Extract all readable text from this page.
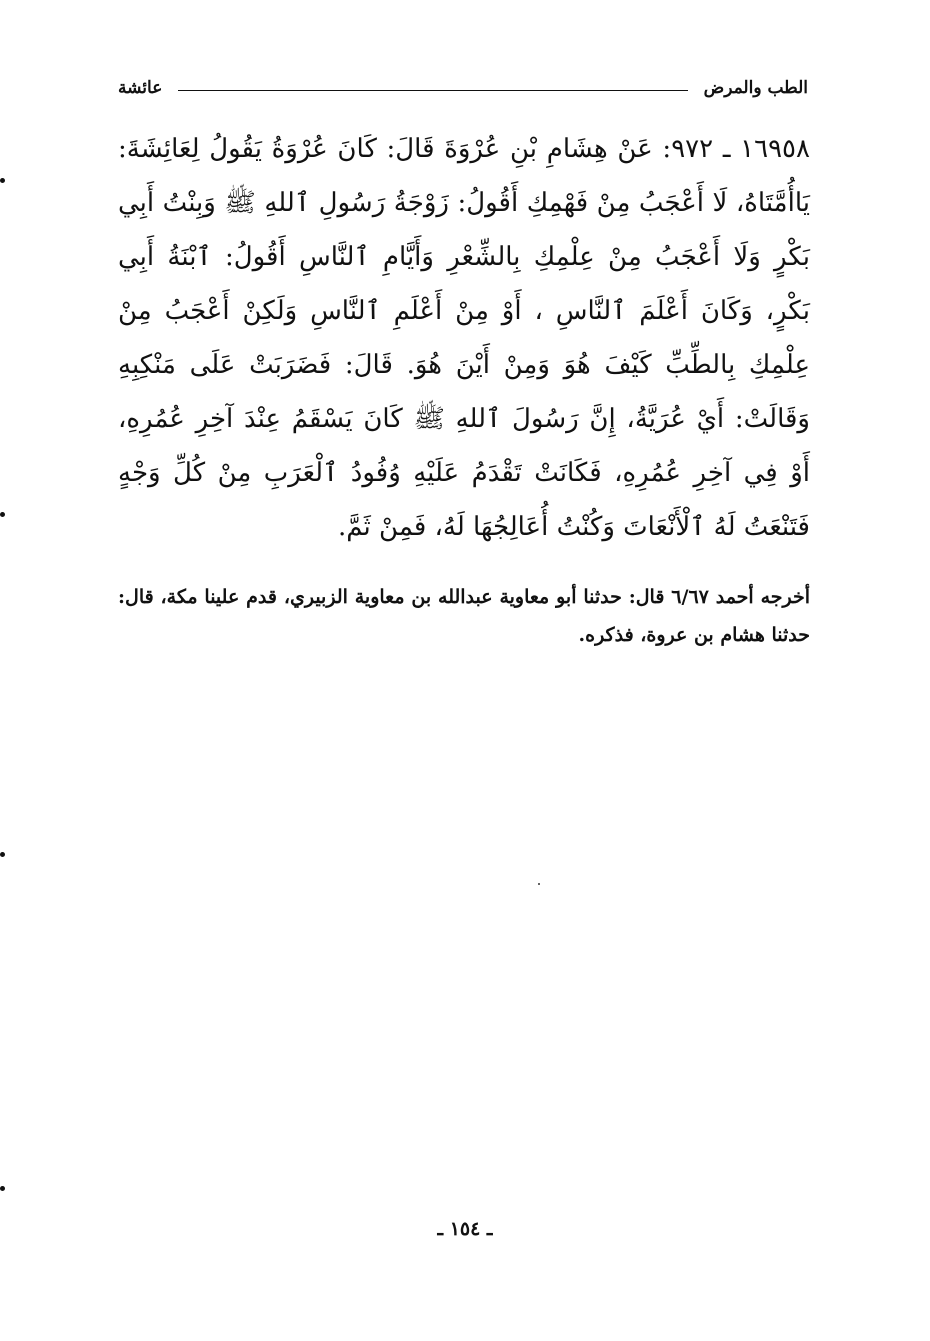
الطب والمرض
عائشة

١٦٩٥٨ ـ ٩٧٢: عَنْ هِشَامِ بْنِ عُرْوَةَ قَالَ: كَانَ عُرْوَةُ يَقُولُ لِعَائِشَةَ: يَاأُمَّتَاهُ، لَا أَعْجَبُ مِنْ فَهْمِكِ أَقُولُ: زَوْجَةُ رَسُولِ ٱللهِ ﷺ وَبِنْتُ أَبِي بَكْرٍ وَلَا أَعْجَبُ مِنْ عِلْمِكِ بِالشِّعْرِ وَأَيَّامِ ٱلنَّاسِ أَقُولُ: ٱبْنَةُ أَبِي بَكْرٍ، وَكَانَ أَعْلَمَ ٱلنَّاسِ ، أَوْ مِنْ أَعْلَمِ ٱلنَّاسِ وَلَكِنْ أَعْجَبُ مِنْ عِلْمِكِ بِالطِّبِّ كَيْفَ هُوَ وَمِنْ أَيْنَ هُوَ. قَالَ: فَضَرَبَتْ عَلَى مَنْكِبِهِ وَقَالَتْ: أَيْ عُرَيَّةُ، إِنَّ رَسُولَ ٱللهِ ﷺ كَانَ يَسْقَمُ عِنْدَ آخِرِ عُمُرِهِ، أَوْ فِي آخِرِ عُمُرِهِ، فَكَانَتْ تَقْدَمُ عَلَيْهِ وُفُودُ ٱلْعَرَبِ مِنْ كُلِّ وَجْهٍ فَتَنْعَتُ لَهُ ٱلْأَنْعَاتَ وَكُنْتُ أُعَالِجُهَا لَهُ، فَمِنْ ثَمَّ.

أخرجه أحمد ٦/٦٧ قال: حدثنا أبو معاوية عبدالله بن معاوية الزبيري، قدم علينا مكة، قال: حدثنا هشام بن عروة، فذكره.

ـ ١٥٤ ـ
